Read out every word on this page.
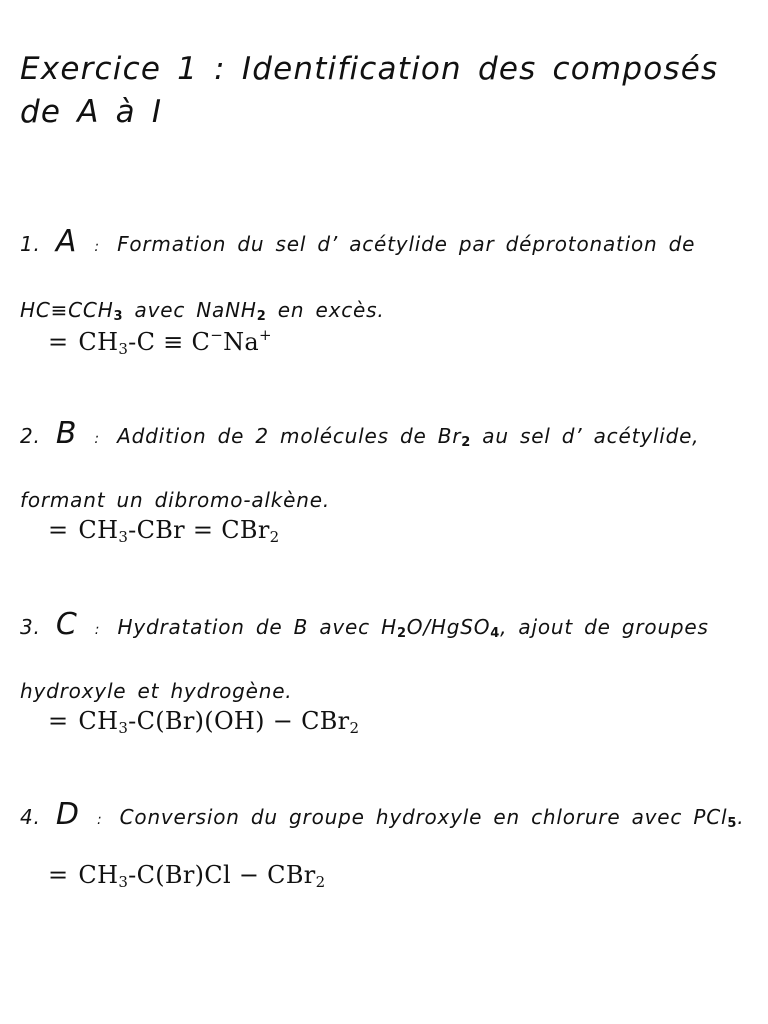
Exercice 1 : Identification des composés de A à I

1. A : Formation du sel d’ acétylide par déprotonation de

$HC\equiv CCH_3$ avec NaNH$_2$ en excès.

= $CH_3-C \equiv C^-Na^+$

2. B : Addition de 2 molécules de $Br_2$ au sel d’ acétylide,

formant un dibromo-alkène.

= $CH_3$-CBr = CBr$_2$

3. C : Hydratation de B avec $H_2O/HgSO_4$, ajout de groupes

hydroxyle et hydrogène.

= $CH_3-C(Br)(OH) - CBr_2$

4. D : Conversion du groupe hydroxyle en chlorure avec PCl$_5$.

= $CH_3-C(Br)Cl - CBr_2$
